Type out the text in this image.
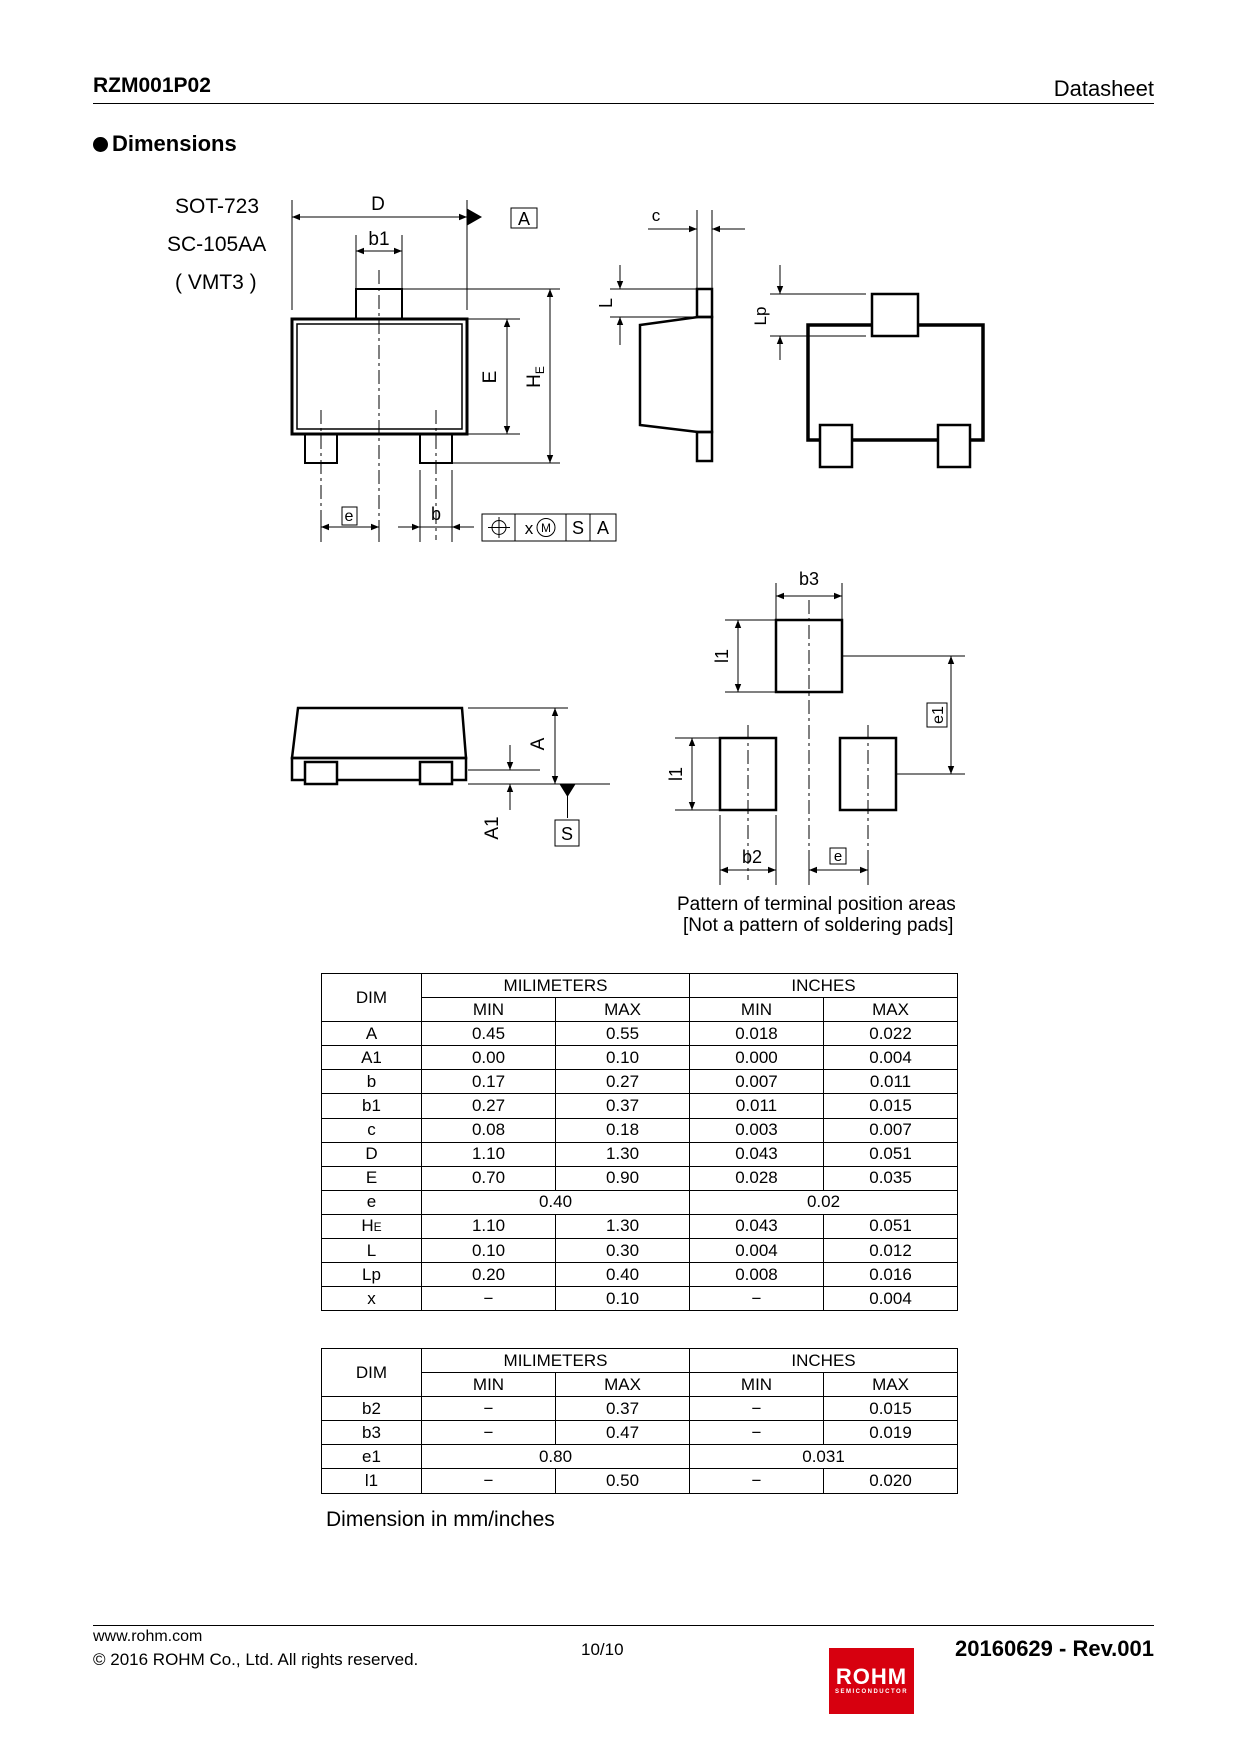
RZM001P02	Datasheet
Dimensions
SOT-723
SC-105AA
( VMT3 )
A
D
b1
E $H_E$
e	b
x M S A
c
L
Lp
A
A1	S
b3
l1
e1
l1
b2	e
Pattern of terminal position areas
[Not a pattern of soldering pads]
DIM	MILIMETERS		INCHES	
	MIN	MAX	MIN	MAX
A	0.45	0.55	0.018	0.022
A1	0.00	0.10	0.000	0.004
b	0.17	0.27	0.007	0.011
b1	0.27	0.37	0.011	0.015
c	0.08	0.18	0.003	0.007
D	1.10	1.30	0.043	0.051
E	0.70	0.90	0.028	0.035
e	0.40		0.02	
HE	1.10	1.30	0.043	0.051
L	0.10	0.30	0.004	0.012
Lp	0.20	0.40	0.008	0.016
x	−	0.10	−	0.004
DIM	MILIMETERS		INCHES	
	MIN	MAX	MIN	MAX
b2	−	0.37	−	0.015
b3	−	0.47	−	0.019
e1	0.80		0.031	
l1	−	0.50	−	0.020
Dimension in mm/inches
www.rohm.com
© 2016 ROHM Co., Ltd. All rights reserved.
10/10
ROHM
SEMICONDUCTOR
20160629 - Rev.001
